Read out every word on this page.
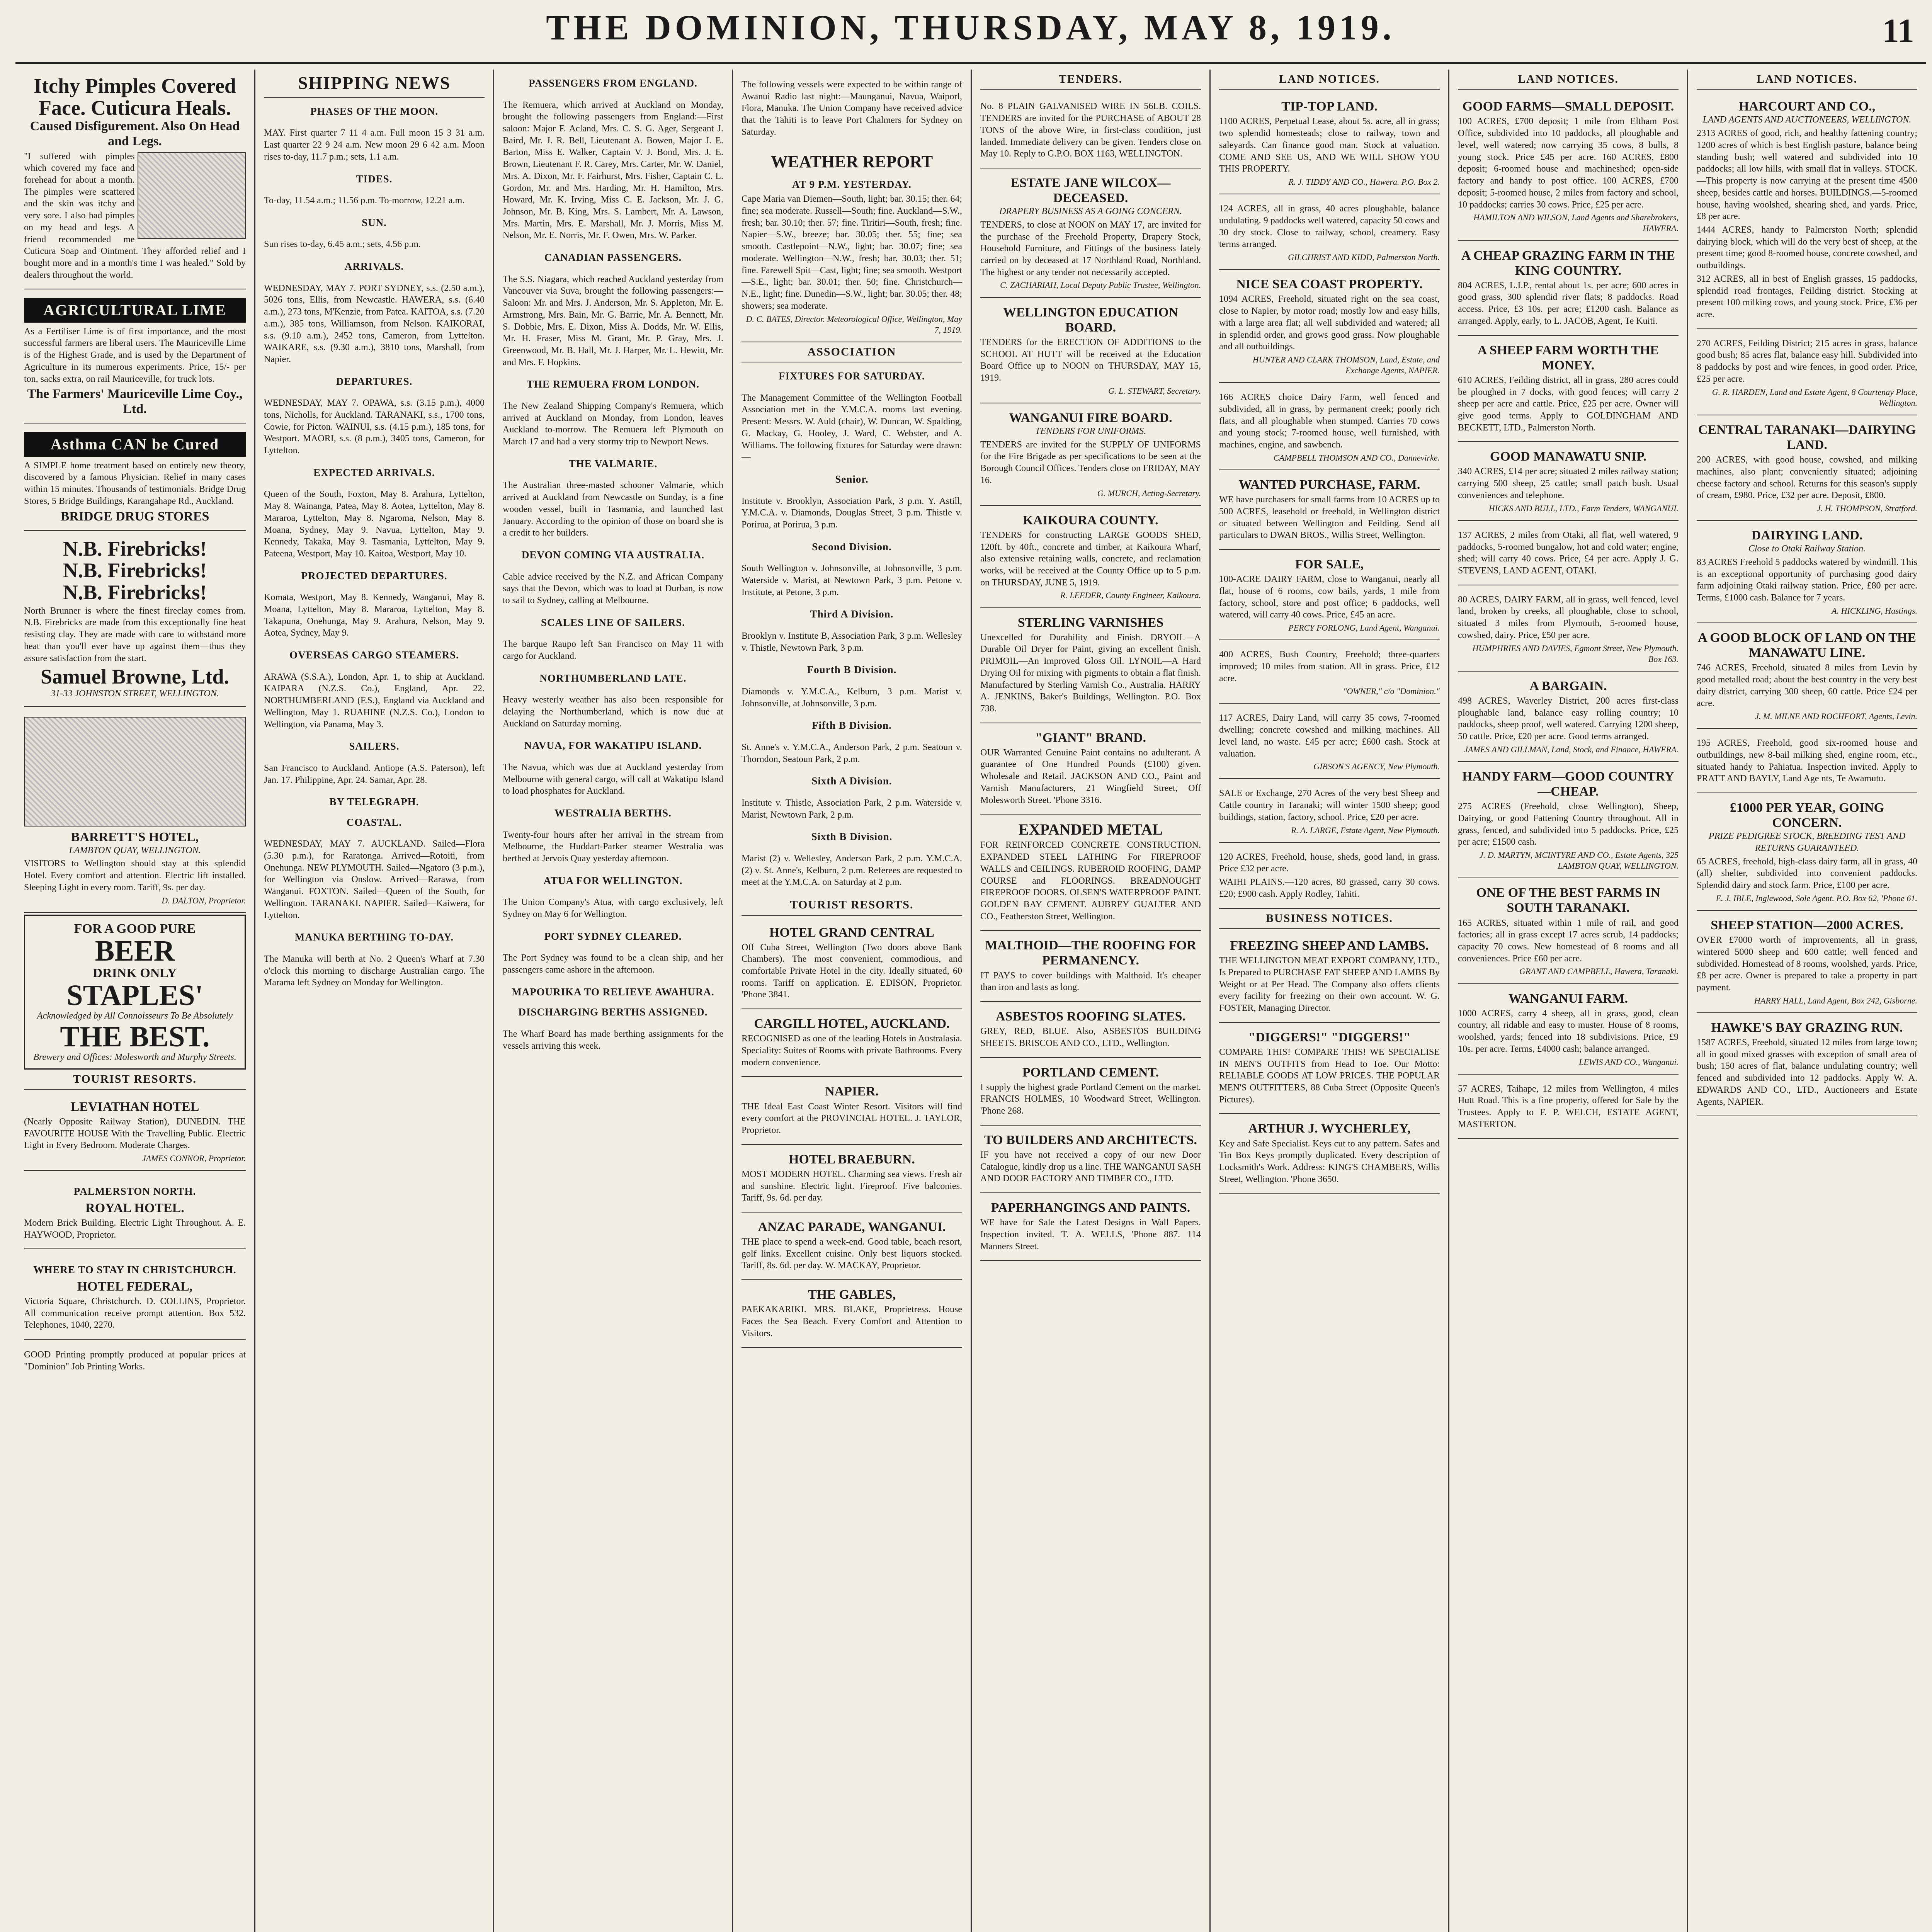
THE DOMINION, THURSDAY, MAY 8, 1919.	11
Itchy Pimples Covered Face. Cuticura Heals.
Caused Disfigurement. Also On Head and Legs.

"I suffered with pimples which covered my face and forehead for about a month. The pimples were scattered and the skin was itchy and very sore. I also had pimples on my head and legs. A friend recommended me Cuticura Soap and Ointment. They afforded relief and I bought more and in a month's time I was healed." Sold by dealers throughout the world.

AGRICULTURAL LIME

As a Fertiliser Lime is of first importance, and the most successful farmers are liberal users. The Mauriceville Lime is of the Highest Grade, and is used by the Department of Agriculture in its numerous experiments. Price, 15/- per ton, sacks extra, on rail Mauriceville, for truck lots.

The Farmers' Mauriceville Lime Coy., Ltd.
Asthma CAN be Cured

A SIMPLE home treatment based on entirely new theory, discovered by a famous Physician. Relief in many cases within 15 minutes. Thousands of testimonials. Bridge Drug Stores, 5 Bridge Buildings, Karangahape Rd., Auckland.

BRIDGE DRUG STORES
N.B. Firebricks!
N.B. Firebricks!
N.B. Firebricks!

North Brunner is where the finest fireclay comes from. N.B. Firebricks are made from this exceptionally fine heat resisting clay. They are made with care to withstand more heat than you'll ever have up against them—thus they assure satisfaction from the start.

Samuel Browne, Ltd.
31-33 JOHNSTON STREET, WELLINGTON.
BARRETT'S HOTEL,
LAMBTON QUAY, WELLINGTON.

VISITORS to Wellington should stay at this splendid Hotel. Every comfort and attention. Electric lift installed. Sleeping Light in every room. Tariff, 9s. per day.

D. DALTON, Proprietor.
FOR A GOOD PURE
BEER
DRINK ONLY
STAPLES'
Acknowledged by All Connoisseurs To Be Absolutely
THE BEST.
Brewery and Offices: Molesworth and Murphy Streets.
TOURIST RESORTS.
LEVIATHAN HOTEL

(Nearly Opposite Railway Station), DUNEDIN. THE FAVOURITE HOUSE With the Travelling Public. Electric Light in Every Bedroom. Moderate Charges.

JAMES CONNOR, Proprietor.
PALMERSTON NORTH.
ROYAL HOTEL.

Modern Brick Building. Electric Light Throughout. A. E. HAYWOOD, Proprietor.

WHERE TO STAY IN CHRISTCHURCH.
HOTEL FEDERAL,

Victoria Square, Christchurch. D. COLLINS, Proprietor. All communication receive prompt attention. Box 532. Telephones, 1040, 2270.

GOOD Printing promptly produced at popular prices at "Dominion" Job Printing Works.

SHIPPING NEWS
PHASES OF THE MOON.

MAY. First quarter 7 11 4 a.m. Full moon 15 3 31 a.m. Last quarter 22 9 24 a.m. New moon 29 6 42 a.m. Moon rises to-day, 11.7 p.m.; sets, 1.1 a.m.

TIDES.

To-day, 11.54 a.m.; 11.56 p.m. To-morrow, 12.21 a.m.

SUN.

Sun rises to-day, 6.45 a.m.; sets, 4.56 p.m.

ARRIVALS.

WEDNESDAY, MAY 7. PORT SYDNEY, s.s. (2.50 a.m.), 5026 tons, Ellis, from Newcastle. HAWERA, s.s. (6.40 a.m.), 273 tons, M'Kenzie, from Patea. KAITOA, s.s. (7.20 a.m.), 385 tons, Williamson, from Nelson. KAIKORAI, s.s. (9.10 a.m.), 2452 tons, Cameron, from Lyttelton. WAIKARE, s.s. (9.30 a.m.), 3810 tons, Marshall, from Napier.

DEPARTURES.

WEDNESDAY, MAY 7. OPAWA, s.s. (3.15 p.m.), 4000 tons, Nicholls, for Auckland. TARANAKI, s.s., 1700 tons, Cowie, for Picton. WAINUI, s.s. (4.15 p.m.), 185 tons, for Westport. MAORI, s.s. (8 p.m.), 3405 tons, Cameron, for Lyttelton.

EXPECTED ARRIVALS.

Queen of the South, Foxton, May 8. Arahura, Lyttelton, May 8. Wainanga, Patea, May 8. Aotea, Lyttelton, May 8. Mararoa, Lyttelton, May 8. Ngaroma, Nelson, May 8. Moana, Sydney, May 9. Navua, Lyttelton, May 9. Kennedy, Takaka, May 9. Tasmania, Lyttelton, May 9. Pateena, Westport, May 10. Kaitoa, Westport, May 10.

PROJECTED DEPARTURES.

Komata, Westport, May 8. Kennedy, Wanganui, May 8. Moana, Lyttelton, May 8. Mararoa, Lyttelton, May 8. Takapuna, Onehunga, May 9. Arahura, Nelson, May 9. Aotea, Sydney, May 9.

OVERSEAS CARGO STEAMERS.

ARAWA (S.S.A.), London, Apr. 1, to ship at Auckland. KAIPARA (N.Z.S. Co.), England, Apr. 22. NORTHUMBERLAND (F.S.), England via Auckland and Wellington, May 1. RUAHINE (N.Z.S. Co.), London to Wellington, via Panama, May 3.

SAILERS.

San Francisco to Auckland. Antiope (A.S. Paterson), left Jan. 17. Philippine, Apr. 24. Samar, Apr. 28.

BY TELEGRAPH.
COASTAL.

WEDNESDAY, MAY 7. AUCKLAND. Sailed—Flora (5.30 p.m.), for Raratonga. Arrived—Rotoiti, from Onehunga. NEW PLYMOUTH. Sailed—Ngatoro (3 p.m.), for Wellington via Onslow. Arrived—Rarawa, from Wanganui. FOXTON. Sailed—Queen of the South, for Wellington. TARANAKI. NAPIER. Sailed—Kaiwera, for Lyttelton.

MANUKA BERTHING TO-DAY.

The Manuka will berth at No. 2 Queen's Wharf at 7.30 o'clock this morning to discharge Australian cargo. The Marama left Sydney on Monday for Wellington.

PASSENGERS FROM ENGLAND.

The Remuera, which arrived at Auckland on Monday, brought the following passengers from England:—First saloon: Major F. Acland, Mrs. C. S. G. Ager, Sergeant J. Baird, Mr. J. R. Bell, Lieutenant A. Bowen, Major J. E. Barton, Miss E. Walker, Captain V. J. Bond, Mrs. J. E. Brown, Lieutenant F. R. Carey, Mrs. Carter, Mr. W. Daniel, Mrs. A. Dixon, Mr. F. Fairhurst, Mrs. Fisher, Captain C. L. Gordon, Mr. and Mrs. Harding, Mr. H. Hamilton, Mrs. Howard, Mr. K. Irving, Miss C. E. Jackson, Mr. J. G. Johnson, Mr. B. King, Mrs. S. Lambert, Mr. A. Lawson, Mrs. Martin, Mrs. E. Marshall, Mr. J. Morris, Miss M. Nelson, Mr. E. Norris, Mr. F. Owen, Mrs. W. Parker.

CANADIAN PASSENGERS.

The S.S. Niagara, which reached Auckland yesterday from Vancouver via Suva, brought the following passengers:—Saloon: Mr. and Mrs. J. Anderson, Mr. S. Appleton, Mr. E. Armstrong, Mrs. Bain, Mr. G. Barrie, Mr. A. Bennett, Mr. S. Dobbie, Mrs. E. Dixon, Miss A. Dodds, Mr. W. Ellis, Mr. H. Fraser, Miss M. Grant, Mr. P. Gray, Mrs. J. Greenwood, Mr. B. Hall, Mr. J. Harper, Mr. L. Hewitt, Mr. and Mrs. F. Hopkins.

THE REMUERA FROM LONDON.

The New Zealand Shipping Company's Remuera, which arrived at Auckland on Monday, from London, leaves Auckland to-morrow. The Remuera left Plymouth on March 17 and had a very stormy trip to Newport News.

THE VALMARIE.

The Australian three-masted schooner Valmarie, which arrived at Auckland from Newcastle on Sunday, is a fine wooden vessel, built in Tasmania, and launched last January. According to the opinion of those on board she is a credit to her builders.

DEVON COMING VIA AUSTRALIA.

Cable advice received by the N.Z. and African Company says that the Devon, which was to load at Durban, is now to sail to Sydney, calling at Melbourne.

SCALES LINE OF SAILERS.

The barque Raupo left San Francisco on May 11 with cargo for Auckland.

NORTHUMBERLAND LATE.

Heavy westerly weather has also been responsible for delaying the Northumberland, which is now due at Auckland on Saturday morning.

NAVUA, FOR WAKATIPU ISLAND.

The Navua, which was due at Auckland yesterday from Melbourne with general cargo, will call at Wakatipu Island to load phosphates for Auckland.

WESTRALIA BERTHS.

Twenty-four hours after her arrival in the stream from Melbourne, the Huddart-Parker steamer Westralia was berthed at Jervois Quay yesterday afternoon.

ATUA FOR WELLINGTON.

The Union Company's Atua, with cargo exclusively, left Sydney on May 6 for Wellington.

PORT SYDNEY CLEARED.

The Port Sydney was found to be a clean ship, and her passengers came ashore in the afternoon.

MAPOURIKA TO RELIEVE AWAHURA.
DISCHARGING BERTHS ASSIGNED.

The Wharf Board has made berthing assignments for the vessels arriving this week.

The following vessels were expected to be within range of Awanui Radio last night:—Maunganui, Navua, Waiporl, Flora, Manuka. The Union Company have received advice that the Tahiti is to leave Port Chalmers for Sydney on Saturday.

WEATHER REPORT
AT 9 P.M. YESTERDAY.

Cape Maria van Diemen—South, light; bar. 30.15; ther. 64; fine; sea moderate. Russell—South; fine. Auckland—S.W., fresh; bar. 30.10; ther. 57; fine. Tiritiri—South, fresh; fine. Napier—S.W., breeze; bar. 30.05; ther. 55; fine; sea smooth. Castlepoint—N.W., light; bar. 30.07; fine; sea moderate. Wellington—N.W., fresh; bar. 30.03; ther. 51; fine. Farewell Spit—Cast, light; fine; sea smooth. Westport—S.E., light; bar. 30.01; ther. 50; fine. Christchurch—N.E., light; fine. Dunedin—S.W., light; bar. 30.05; ther. 48; showers; sea moderate.

D. C. BATES, Director. Meteorological Office, Wellington, May 7, 1919.
ASSOCIATION
FIXTURES FOR SATURDAY.

The Management Committee of the Wellington Football Association met in the Y.M.C.A. rooms last evening. Present: Messrs. W. Auld (chair), W. Duncan, W. Spalding, G. Mackay, G. Hooley, J. Ward, C. Webster, and A. Williams. The following fixtures for Saturday were drawn:—

Senior.

Institute v. Brooklyn, Association Park, 3 p.m. Y. Astill, Y.M.C.A. v. Diamonds, Douglas Street, 3 p.m. Thistle v. Porirua, at Porirua, 3 p.m.

Second Division.

South Wellington v. Johnsonville, at Johnsonville, 3 p.m. Waterside v. Marist, at Newtown Park, 3 p.m. Petone v. Institute, at Petone, 3 p.m.

Third A Division.

Brooklyn v. Institute B, Association Park, 3 p.m. Wellesley v. Thistle, Newtown Park, 3 p.m.

Fourth B Division.

Diamonds v. Y.M.C.A., Kelburn, 3 p.m. Marist v. Johnsonville, at Johnsonville, 3 p.m.

Fifth B Division.

St. Anne's v. Y.M.C.A., Anderson Park, 2 p.m. Seatoun v. Thorndon, Seatoun Park, 2 p.m.

Sixth A Division.

Institute v. Thistle, Association Park, 2 p.m. Waterside v. Marist, Newtown Park, 2 p.m.

Sixth B Division.

Marist (2) v. Wellesley, Anderson Park, 2 p.m. Y.M.C.A. (2) v. St. Anne's, Kelburn, 2 p.m. Referees are requested to meet at the Y.M.C.A. on Saturday at 2 p.m.

TOURIST RESORTS.
HOTEL GRAND CENTRAL

Off Cuba Street, Wellington (Two doors above Bank Chambers). The most convenient, commodious, and comfortable Private Hotel in the city. Ideally situated, 60 rooms. Tariff on application. E. EDISON, Proprietor. 'Phone 3841.

CARGILL HOTEL, AUCKLAND.

RECOGNISED as one of the leading Hotels in Australasia. Speciality: Suites of Rooms with private Bathrooms. Every modern convenience.

NAPIER.

THE Ideal East Coast Winter Resort. Visitors will find every comfort at the PROVINCIAL HOTEL. J. TAYLOR, Proprietor.

HOTEL BRAEBURN.

MOST MODERN HOTEL. Charming sea views. Fresh air and sunshine. Electric light. Fireproof. Five balconies. Tariff, 9s. 6d. per day.

ANZAC PARADE, WANGANUI.

THE place to spend a week-end. Good table, beach resort, golf links. Excellent cuisine. Only best liquors stocked. Tariff, 8s. 6d. per day. W. MACKAY, Proprietor.

THE GABLES,

PAEKAKARIKI. MRS. BLAKE, Proprietress. House Faces the Sea Beach. Every Comfort and Attention to Visitors.

TENDERS.

No. 8 PLAIN GALVANISED WIRE IN 56LB. COILS. TENDERS are invited for the PURCHASE of ABOUT 28 TONS of the above Wire, in first-class condition, just landed. Immediate delivery can be given. Tenders close on May 10. Reply to G.P.O. BOX 1163, WELLINGTON.

ESTATE JANE WILCOX—DECEASED.
DRAPERY BUSINESS AS A GOING CONCERN.

TENDERS, to close at NOON on MAY 17, are invited for the purchase of the Freehold Property, Drapery Stock, Household Furniture, and Fittings of the business lately carried on by deceased at 17 Northland Road, Northland. The highest or any tender not necessarily accepted.

C. ZACHARIAH, Local Deputy Public Trustee, Wellington.
WELLINGTON EDUCATION BOARD.

TENDERS for the ERECTION OF ADDITIONS to the SCHOOL AT HUTT will be received at the Education Board Office up to NOON on THURSDAY, MAY 15, 1919.

G. L. STEWART, Secretary.
WANGANUI FIRE BOARD.
TENDERS FOR UNIFORMS.

TENDERS are invited for the SUPPLY OF UNIFORMS for the Fire Brigade as per specifications to be seen at the Borough Council Offices. Tenders close on FRIDAY, MAY 16.

G. MURCH, Acting-Secretary.
KAIKOURA COUNTY.

TENDERS for constructing LARGE GOODS SHED, 120ft. by 40ft., concrete and timber, at Kaikoura Wharf, also extensive retaining walls, concrete, and reclamation works, will be received at the County Office up to 5 p.m. on THURSDAY, JUNE 5, 1919.

R. LEEDER, County Engineer, Kaikoura.
STERLING VARNISHES

Unexcelled for Durability and Finish. DRYOIL—A Durable Oil Dryer for Paint, giving an excellent finish. PRIMOIL—An Improved Gloss Oil. LYNOIL—A Hard Drying Oil for mixing with pigments to obtain a flat finish. Manufactured by Sterling Varnish Co., Australia. HARRY A. JENKINS, Baker's Buildings, Wellington. P.O. Box 738.

"GIANT" BRAND.

OUR Warranted Genuine Paint contains no adulterant. A guarantee of One Hundred Pounds (£100) given. Wholesale and Retail. JACKSON AND CO., Paint and Varnish Manufacturers, 21 Wingfield Street, Off Molesworth Street. 'Phone 3316.

EXPANDED METAL

FOR REINFORCED CONCRETE CONSTRUCTION. EXPANDED STEEL LATHING For FIREPROOF WALLS and CEILINGS. RUBEROID ROOFING, DAMP COURSE and FLOORINGS. BREADNOUGHT FIREPROOF DOORS. OLSEN'S WATERPROOF PAINT. GOLDEN BAY CEMENT. AUBREY GUALTER AND CO., Featherston Street, Wellington.

MALTHOID—THE ROOFING FOR PERMANENCY.

IT PAYS to cover buildings with Malthoid. It's cheaper than iron and lasts as long.

ASBESTOS ROOFING SLATES.

GREY, RED, BLUE. Also, ASBESTOS BUILDING SHEETS. BRISCOE AND CO., LTD., Wellington.

PORTLAND CEMENT.

I supply the highest grade Portland Cement on the market. FRANCIS HOLMES, 10 Woodward Street, Wellington. 'Phone 268.

TO BUILDERS AND ARCHITECTS.

IF you have not received a copy of our new Door Catalogue, kindly drop us a line. THE WANGANUI SASH AND DOOR FACTORY AND TIMBER CO., LTD.

PAPERHANGINGS AND PAINTS.

WE have for Sale the Latest Designs in Wall Papers. Inspection invited. T. A. WELLS, 'Phone 887. 114 Manners Street.

LAND NOTICES.
TIP-TOP LAND.

1100 ACRES, Perpetual Lease, about 5s. acre, all in grass; two splendid homesteads; close to railway, town and saleyards. Can finance good man. Stock at valuation. COME AND SEE US, AND WE WILL SHOW YOU THIS PROPERTY.

R. J. TIDDY AND CO., Hawera. P.O. Box 2.

124 ACRES, all in grass, 40 acres ploughable, balance undulating. 9 paddocks well watered, capacity 50 cows and 30 dry stock. Close to railway, school, creamery. Easy terms arranged.

GILCHRIST AND KIDD, Palmerston North.
NICE SEA COAST PROPERTY.

1094 ACRES, Freehold, situated right on the sea coast, close to Napier, by motor road; mostly low and easy hills, with a large area flat; all well subdivided and watered; all in splendid order, and grows good grass. Now ploughable and all outbuildings.

HUNTER AND CLARK THOMSON, Land, Estate, and Exchange Agents, NAPIER.

166 ACRES choice Dairy Farm, well fenced and subdivided, all in grass, by permanent creek; poorly rich flats, and all ploughable when stumped. Carries 70 cows and young stock; 7-roomed house, well furnished, with machines, engine, and sawbench.

CAMPBELL THOMSON AND CO., Dannevirke.
WANTED PURCHASE, FARM.

WE have purchasers for small farms from 10 ACRES up to 500 ACRES, leasehold or freehold, in Wellington district or situated between Wellington and Feilding. Send all particulars to DWAN BROS., Willis Street, Wellington.

FOR SALE,

100-ACRE DAIRY FARM, close to Wanganui, nearly all flat, house of 6 rooms, cow bails, yards, 1 mile from factory, school, store and post office; 6 paddocks, well watered, will carry 40 cows. Price, £45 an acre.

PERCY FORLONG, Land Agent, Wanganui.

400 ACRES, Bush Country, Freehold; three-quarters improved; 10 miles from station. All in grass. Price, £12 acre.

"OWNER," c/o "Dominion."

117 ACRES, Dairy Land, will carry 35 cows, 7-roomed dwelling; concrete cowshed and milking machines. All level land, no waste. £45 per acre; £600 cash. Stock at valuation.

GIBSON'S AGENCY, New Plymouth.

SALE or Exchange, 270 Acres of the very best Sheep and Cattle country in Taranaki; will winter 1500 sheep; good buildings, station, factory, school. Price, £20 per acre.

R. A. LARGE, Estate Agent, New Plymouth.

120 ACRES, Freehold, house, sheds, good land, in grass. Price £32 per acre.

WAIHI PLAINS.—120 acres, 80 grassed, carry 30 cows. £20; £900 cash. Apply Rodley, Tahiti.

BUSINESS NOTICES.
FREEZING SHEEP AND LAMBS.

THE WELLINGTON MEAT EXPORT COMPANY, LTD., Is Prepared to PURCHASE FAT SHEEP AND LAMBS By Weight or at Per Head. The Company also offers clients every facility for freezing on their own account. W. G. FOSTER, Managing Director.

"DIGGERS!" "DIGGERS!"

COMPARE THIS! COMPARE THIS! WE SPECIALISE IN MEN'S OUTFITS from Head to Toe. Our Motto: RELIABLE GOODS AT LOW PRICES. THE POPULAR MEN'S OUTFITTERS, 88 Cuba Street (Opposite Queen's Pictures).

ARTHUR J. WYCHERLEY,

Key and Safe Specialist. Keys cut to any pattern. Safes and Tin Box Keys promptly duplicated. Every description of Locksmith's Work. Address: KING'S CHAMBERS, Willis Street, Wellington. 'Phone 3650.

LAND NOTICES.
GOOD FARMS—SMALL DEPOSIT.

100 ACRES, £700 deposit; 1 mile from Eltham Post Office, subdivided into 10 paddocks, all ploughable and level, well watered; now carrying 35 cows, 8 bulls, 8 young stock. Price £45 per acre. 160 ACRES, £800 deposit; 6-roomed house and machineshed; open-side factory and handy to post office. 100 ACRES, £700 deposit; 5-roomed house, 2 miles from factory and school, 10 paddocks; carries 30 cows. Price, £25 per acre.

HAMILTON AND WILSON, Land Agents and Sharebrokers, HAWERA.
A CHEAP GRAZING FARM IN THE KING COUNTRY.

804 ACRES, L.I.P., rental about 1s. per acre; 600 acres in good grass, 300 splendid river flats; 8 paddocks. Road access. Price, £3 10s. per acre; £1200 cash. Balance as arranged. Apply, early, to L. JACOB, Agent, Te Kuiti.

A SHEEP FARM WORTH THE MONEY.

610 ACRES, Feilding district, all in grass, 280 acres could be ploughed in 7 docks, with good fences; will carry 2 sheep per acre and cattle. Price, £25 per acre. Owner will give good terms. Apply to GOLDINGHAM AND BECKETT, LTD., Palmerston North.

GOOD MANAWATU SNIP.

340 ACRES, £14 per acre; situated 2 miles railway station; carrying 500 sheep, 25 cattle; small patch bush. Usual conveniences and telephone.

HICKS AND BULL, LTD., Farm Tenders, WANGANUI.

137 ACRES, 2 miles from Otaki, all flat, well watered, 9 paddocks, 5-roomed bungalow, hot and cold water; engine, shed; will carry 40 cows. Price, £4 per acre. Apply J. G. STEVENS, LAND AGENT, OTAKI.

80 ACRES, DAIRY FARM, all in grass, well fenced, level land, broken by creeks, all ploughable, close to school, situated 3 miles from Plymouth, 5-roomed house, cowshed, dairy. Price, £50 per acre.

HUMPHRIES AND DAVIES, Egmont Street, New Plymouth. Box 163.
A BARGAIN.

498 ACRES, Waverley District, 200 acres first-class ploughable land, balance easy rolling country; 10 paddocks, sheep proof, well watered. Carrying 1200 sheep, 50 cattle. Price, £20 per acre. Good terms arranged.

JAMES AND GILLMAN, Land, Stock, and Finance, HAWERA.
HANDY FARM—GOOD COUNTRY—CHEAP.

275 ACRES (Freehold, close Wellington), Sheep, Dairying, or good Fattening Country throughout. All in grass, fenced, and subdivided into 5 paddocks. Price, £25 per acre; £1500 cash.

J. D. MARTYN, MCINTYRE AND CO., Estate Agents, 325 LAMBTON QUAY, WELLINGTON.
ONE OF THE BEST FARMS IN SOUTH TARANAKI.

165 ACRES, situated within 1 mile of rail, and good factories; all in grass except 17 acres scrub, 14 paddocks; capacity 70 cows. New homestead of 8 rooms and all conveniences. Price £60 per acre.

GRANT AND CAMPBELL, Hawera, Taranaki.
WANGANUI FARM.

1000 ACRES, carry 4 sheep, all in grass, good, clean country, all ridable and easy to muster. House of 8 rooms, woolshed, yards; fenced into 18 subdivisions. Price, £9 10s. per acre. Terms, £4000 cash; balance arranged.

LEWIS AND CO., Wanganui.

57 ACRES, Taihape, 12 miles from Wellington, 4 miles Hutt Road. This is a fine property, offered for Sale by the Trustees. Apply to F. P. WELCH, ESTATE AGENT, MASTERTON.

LAND NOTICES.
HARCOURT AND CO.,
LAND AGENTS AND AUCTIONEERS, WELLINGTON.

2313 ACRES of good, rich, and healthy fattening country; 1200 acres of which is best English pasture, balance being standing bush; well watered and subdivided into 10 paddocks; all low hills, with small flat in valleys. STOCK.—This property is now carrying at the present time 4500 sheep, besides cattle and horses. BUILDINGS.—5-roomed house, having woolshed, shearing shed, and yards. Price, £8 per acre.

1444 ACRES, handy to Palmerston North; splendid dairying block, which will do the very best of sheep, at the present time; good 8-roomed house, concrete cowshed, and outbuildings.

312 ACRES, all in best of English grasses, 15 paddocks, splendid road frontages, Feilding district. Stocking at present 100 milking cows, and young stock. Price, £36 per acre.

270 ACRES, Feilding District; 215 acres in grass, balance good bush; 85 acres flat, balance easy hill. Subdivided into 8 paddocks by post and wire fences, in good order. Price, £25 per acre.

G. R. HARDEN, Land and Estate Agent, 8 Courtenay Place, Wellington.
CENTRAL TARANAKI—DAIRYING LAND.

200 ACRES, with good house, cowshed, and milking machines, also plant; conveniently situated; adjoining cheese factory and school. Returns for this season's supply of cream, £980. Price, £32 per acre. Deposit, £800.

J. H. THOMPSON, Stratford.
DAIRYING LAND.
Close to Otaki Railway Station.

83 ACRES Freehold 5 paddocks watered by windmill. This is an exceptional opportunity of purchasing good dairy farm adjoining Otaki railway station. Price, £80 per acre. Terms, £1000 cash. Balance for 7 years.

A. HICKLING, Hastings.
A GOOD BLOCK OF LAND ON THE MANAWATU LINE.

746 ACRES, Freehold, situated 8 miles from Levin by good metalled road; about the best country in the very best dairy district, carrying 300 sheep, 60 cattle. Price £24 per acre.

J. M. MILNE AND ROCHFORT, Agents, Levin.

195 ACRES, Freehold, good six-roomed house and outbuildings, new 8-bail milking shed, engine room, etc., situated handy to Pahiatua. Inspection invited. Apply to PRATT AND BAYLY, Land Age nts, Te Awamutu.

£1000 PER YEAR, GOING CONCERN.
PRIZE PEDIGREE STOCK, BREEDING TEST AND RETURNS GUARANTEED.

65 ACRES, freehold, high-class dairy farm, all in grass, 40 (all) shelter, subdivided into convenient paddocks. Splendid dairy and stock farm. Price, £100 per acre.

E. J. IBLE, Inglewood, Sole Agent. P.O. Box 62, 'Phone 61.
SHEEP STATION—2000 ACRES.

OVER £7000 worth of improvements, all in grass, wintered 5000 sheep and 600 cattle; well fenced and subdivided. Homestead of 8 rooms, woolshed, yards. Price, £8 per acre. Owner is prepared to take a property in part payment.

HARRY HALL, Land Agent, Box 242, Gisborne.
HAWKE'S BAY GRAZING RUN.

1587 ACRES, Freehold, situated 12 miles from large town; all in good mixed grasses with exception of small area of bush; 150 acres of flat, balance undulating country; well fenced and subdivided into 12 paddocks. Apply W. A. EDWARDS AND CO., LTD., Auctioneers and Estate Agents, NAPIER.
